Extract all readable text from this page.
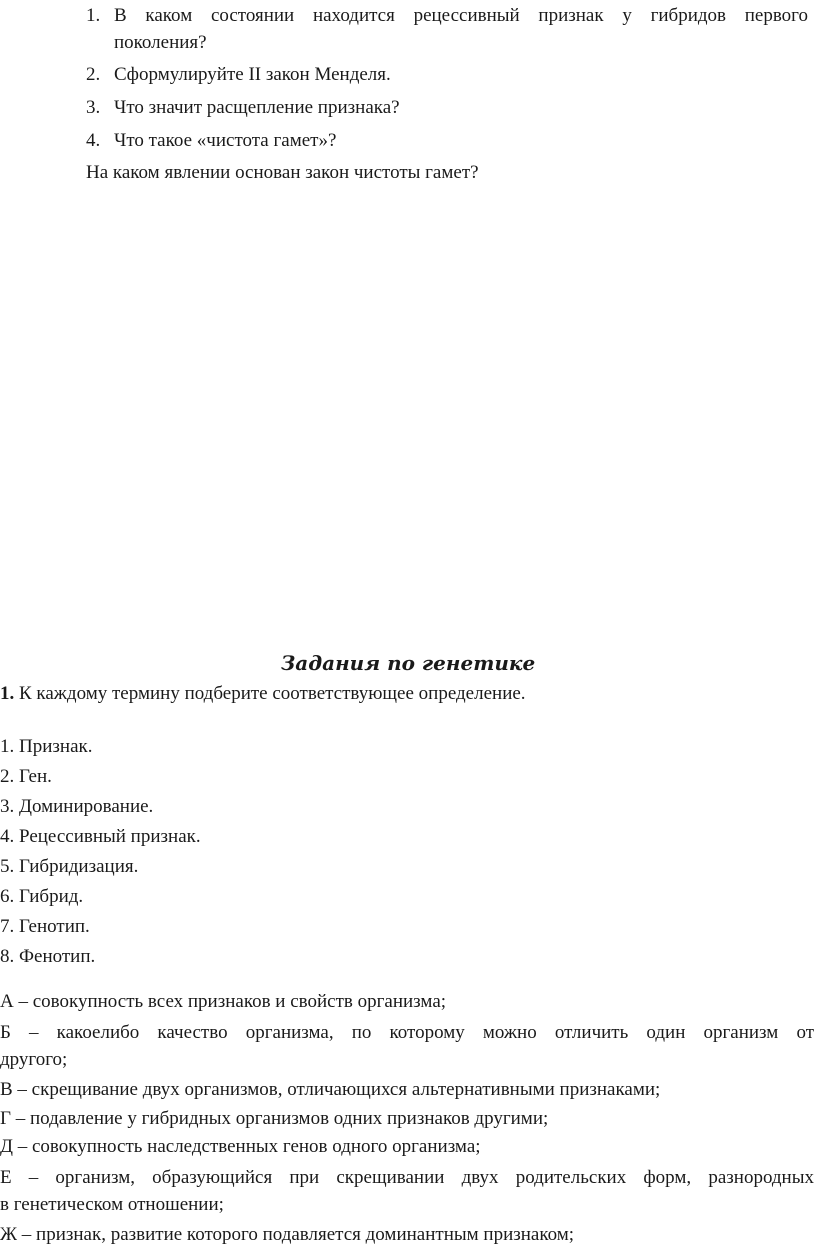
1. В каком состоянии находится рецессивный признак у гибридов первого
поколения?
2. Сформулируйте II закон Менделя.
3. Что значит расщепление признака?
4. Что такое «чистота гамет»?
На каком явлении основан закон чистоты гамет?
Задания по генетике
1. К каждому термину подберите соответствующее определение.
1. Признак.
2. Ген.
3. Доминирование.
4. Рецессивный признак.
5. Гибридизация.
6. Гибрид.
7. Генотип.
8. Фенотип.
А – совокупность всех признаков и свойств организма;
Б – какоелибо качество организма, по которому можно отличить один организм от
другого;
В – скрещивание двух организмов, отличающихся альтернативными признаками;
Г – подавление у гибридных организмов одних признаков другими;
Д – совокупность наследственных генов одного организма;
Е – организм, образующийся при скрещивании двух родительских форм, разнородных
в генетическом отношении;
Ж – признак, развитие которого подавляется доминантным признаком;
